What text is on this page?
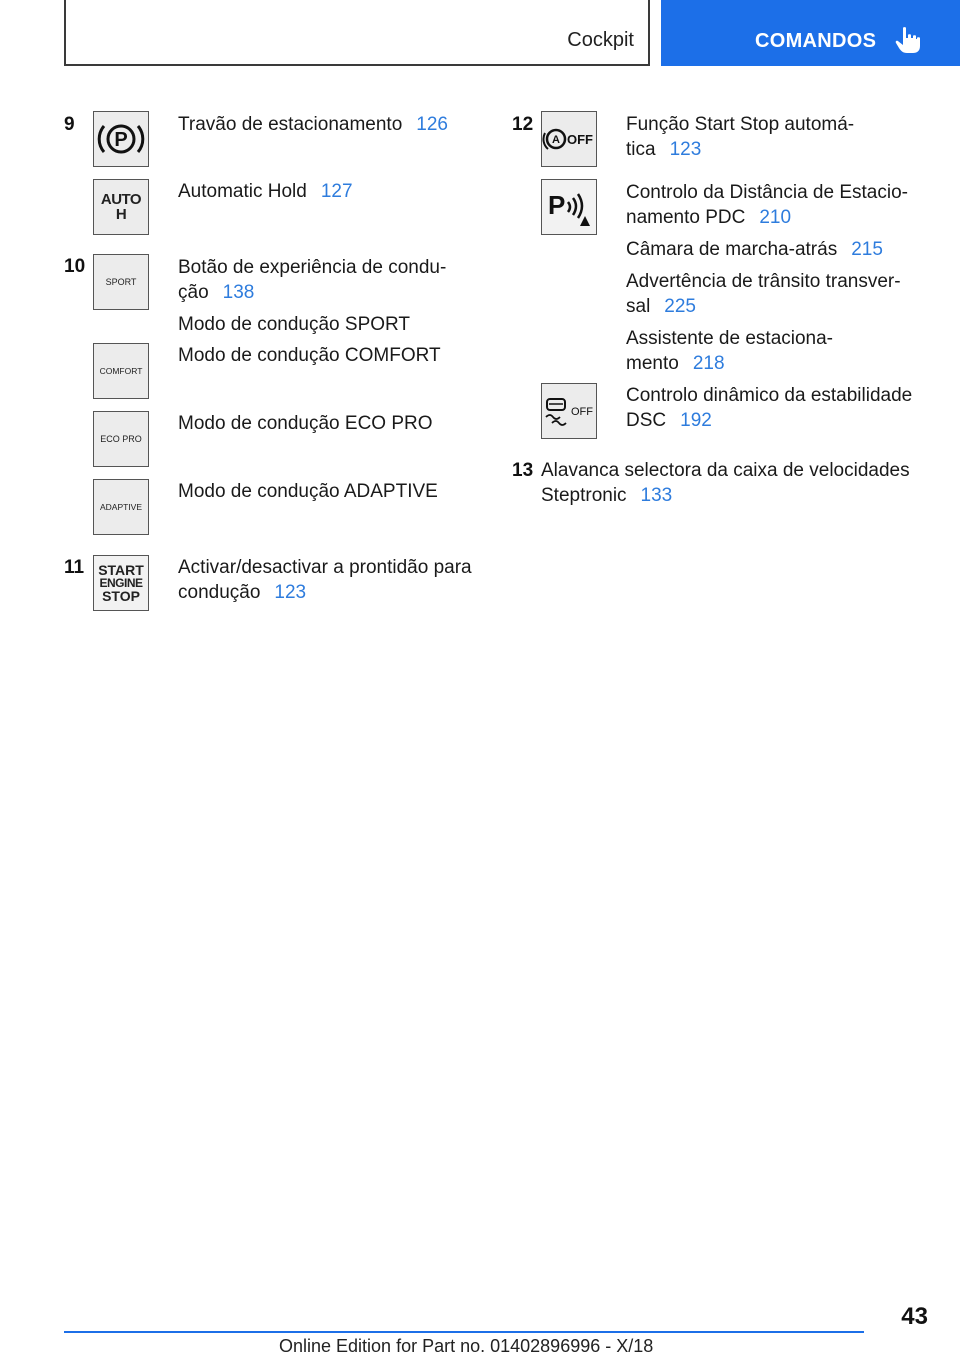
Cockpit	COMANDOS
9
P
Travão de estacionamento 126
AUTO H
Automatic Hold 127
10
SPORT
Botão de experiência de condu-
ção 138
Modo de condução SPORT
COMFORT
Modo de condução COMFORT
ECO PRO
Modo de condução ECO PRO
ADAPTIVE
Modo de condução ADAPTIVE
11 START
ENGINE
STOP
Activar/desactivar a prontidão para
condução 123
12
A OFF
Função Start Stop automá-
tica 123
P	Controlo da Distância de Estacio-
namento PDC 210
Câmara de marcha-atrás 215
Advertência de trânsito transver-
sal 225
Assistente de estaciona-
mento 218
OFF
Controlo dinâmico da estabilidade
DSC 192
13 Alavanca selectora da caixa de velocidades
Steptronic 133
43
Online Edition for Part no. 01402896996 - X/18
